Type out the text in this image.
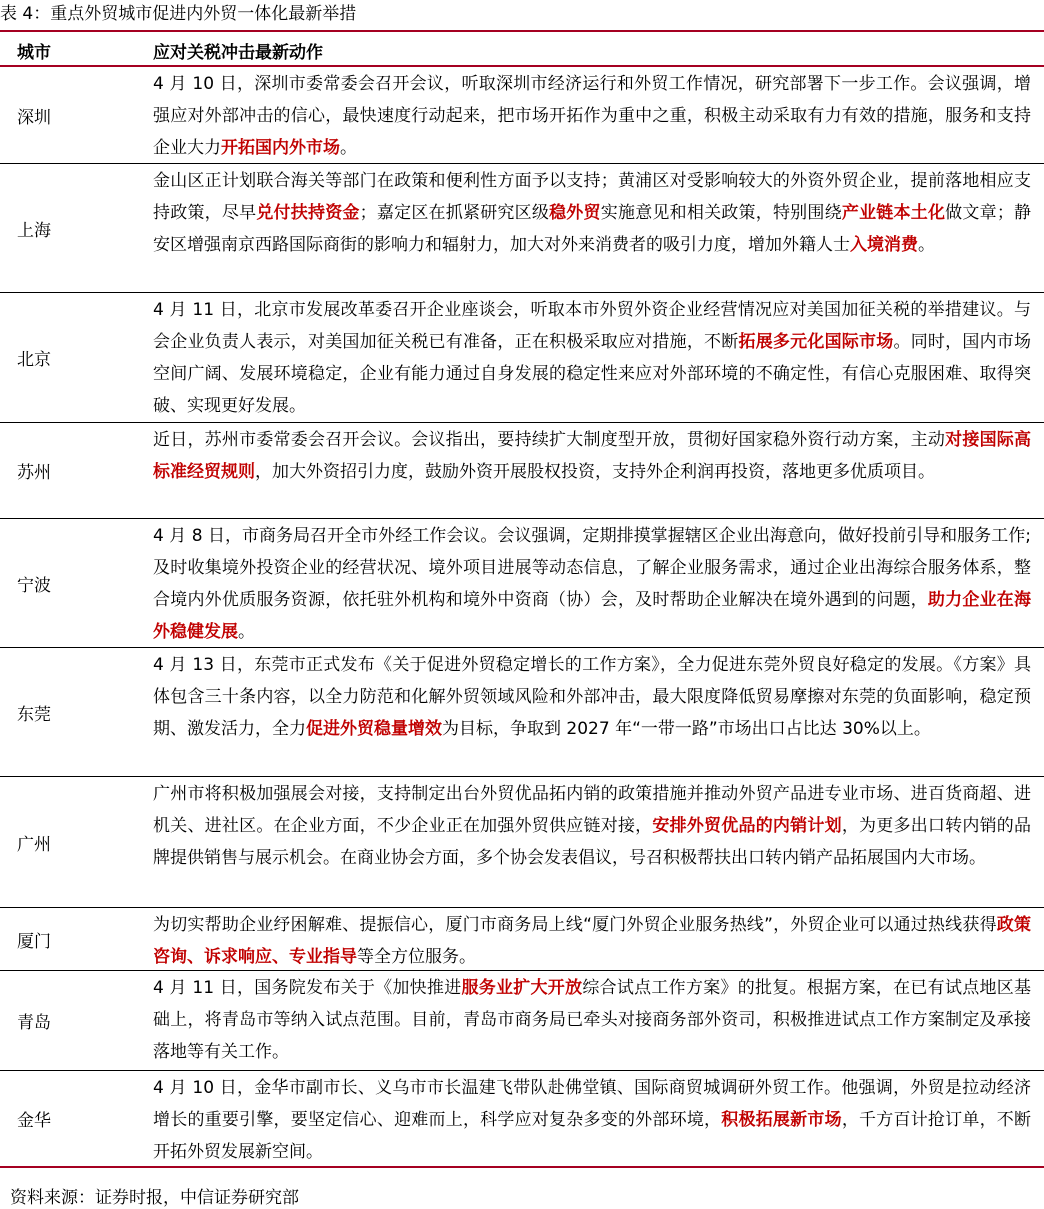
表 4：重点外贸城市促进内外贸一体化最新举措
城市	应对关税冲击最新动作
深圳
4 月 10 日，深圳市委常委会召开会议，听取深圳市经济运行和外贸工作情况，研究部署下一步工作。会议强调，增强应对外部冲击的信心，最快速度行动起来，把市场开拓作为重中之重，积极主动采取有力有效的措施，服务和支持企业大力开拓国内外市场。
上海
金山区正计划联合海关等部门在政策和便利性方面予以支持；黄浦区对受影响较大的外资外贸企业，提前落地相应支持政策，尽早兑付扶持资金；嘉定区在抓紧研究区级稳外贸实施意见和相关政策，特别围绕产业链本土化做文章；静安区增强南京西路国际商街的影响力和辐射力，加大对外来消费者的吸引力度，增加外籍人士入境消费。
北京
4 月 11 日，北京市发展改革委召开企业座谈会，听取本市外贸外资企业经营情况应对美国加征关税的举措建议。与会企业负责人表示，对美国加征关税已有准备，正在积极采取应对措施，不断拓展多元化国际市场。同时，国内市场空间广阔、发展环境稳定，企业有能力通过自身发展的稳定性来应对外部环境的不确定性，有信心克服困难、取得突破、实现更好发展。
苏州
近日，苏州市委常委会召开会议。会议指出，要持续扩大制度型开放，贯彻好国家稳外资行动方案，主动对接国际高标准经贸规则，加大外资招引力度，鼓励外资开展股权投资，支持外企利润再投资，落地更多优质项目。
宁波
4 月 8 日，市商务局召开全市外经工作会议。会议强调，定期排摸掌握辖区企业出海意向，做好投前引导和服务工作;及时收集境外投资企业的经营状况、境外项目进展等动态信息，了解企业服务需求，通过企业出海综合服务体系，整合境内外优质服务资源，依托驻外机构和境外中资商（协）会，及时帮助企业解决在境外遇到的问题，助力企业在海外稳健发展。
东莞
4 月 13 日，东莞市正式发布《关于促进外贸稳定增长的工作方案》，全力促进东莞外贸良好稳定的发展。《方案》具体包含三十条内容，以全力防范和化解外贸领域风险和外部冲击，最大限度降低贸易摩擦对东莞的负面影响，稳定预期、激发活力，全力促进外贸稳量增效为目标，争取到 2027 年“一带一路”市场出口占比达 30%以上。
广州
广州市将积极加强展会对接，支持制定出台外贸优品拓内销的政策措施并推动外贸产品进专业市场、进百货商超、进机关、进社区。在企业方面，不少企业正在加强外贸供应链对接，安排外贸优品的内销计划，为更多出口转内销的品牌提供销售与展示机会。在商业协会方面，多个协会发表倡议，号召积极帮扶出口转内销产品拓展国内大市场。
厦门
为切实帮助企业纾困解难、提振信心，厦门市商务局上线“厦门外贸企业服务热线”，外贸企业可以通过热线获得政策咨询、诉求响应、专业指导等全方位服务。
青岛
4 月 11 日，国务院发布关于《加快推进服务业扩大开放综合试点工作方案》的批复。根据方案，在已有试点地区基础上，将青岛市等纳入试点范围。目前，青岛市商务局已牵头对接商务部外资司，积极推进试点工作方案制定及承接落地等有关工作。
金华
4 月 10 日，金华市副市长、义乌市市长温建飞带队赴佛堂镇、国际商贸城调研外贸工作。他强调，外贸是拉动经济增长的重要引擎，要坚定信心、迎难而上，科学应对复杂多变的外部环境，积极拓展新市场，千方百计抢订单，不断开拓外贸发展新空间。
资料来源：证券时报，中信证券研究部
